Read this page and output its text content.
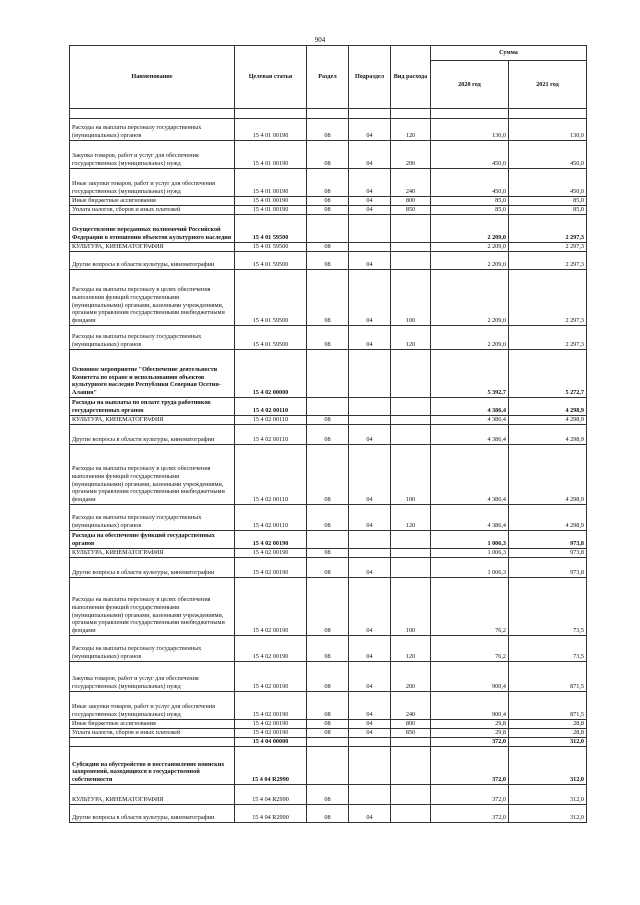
904
Наименование	Целевая статья	Раздел	Подраздел	Вид расхода	Сумма	
					2020 год	2021 год

Расходы на выплаты персоналу государственных (муниципальных) органов	15 4 01 00190	08	04	120	130,0	130,0
Закупка товаров, работ и услуг для обеспечения государственных (муниципальных) нужд	15 4 01 00190	08	04	200	450,0	450,0
Иные закупки товаров, работ и услуг для обеспечения государственных (муниципальных) нужд	15 4 01 00190	08	04	240	450,0	450,0
Иные бюджетные ассигнования	15 4 01 00190	08	04	800	85,0	85,0
Уплата налогов, сборов и иных платежей	15 4 01 00190	08	04	850	85,0	85,0
Осуществление переданных полномочий Российской Федерации в отношении объектов культурного наследия	15 4 01 59500				2 209,0	2 297,3
КУЛЬТУРА, КИНЕМАТОГРАФИЯ	15 4 01 59500	08			2 209,0	2 297,3
Другие вопросы в области культуры, кинематографии	15 4 01 59500	08	04		2 209,0	2 297,3
Расходы на выплаты персоналу в целях обеспечения выполнения функций государственными (муниципальными) органами, казенными учреждениями, органами управления государственными внебюджетными фондами	15 4 01 59500	08	04	100	2 209,0	2 297,3
Расходы на выплаты персоналу государственных (муниципальных) органов	15 4 01 59500	08	04	120	2 209,0	2 297,3
Основное мероприятие "Обеспечение деятельности Комитета по охране и использованию объектов культурного наследия Республики Северная Осетия-Алания"	15 4 02 00000				5 392,7	5 272,7
Расходы на выплаты по оплате труда работников государственных органов	15 4 02 00110				4 386,4	4 298,9
КУЛЬТУРА, КИНЕМАТОГРАФИЯ	15 4 02 00110	08			4 386,4	4 298,9
Другие вопросы в области культуры, кинематографии	15 4 02 00110	08	04		4 386,4	4 298,9
Расходы на выплаты персоналу в целях обеспечения выполнения функций государственными (муниципальными) органами, казенными учреждениями, органами управления государственными внебюджетными фондами	15 4 02 00110	08	04	100	4 386,4	4 298,9
Расходы на выплаты персоналу государственных (муниципальных) органов	15 4 02 00110	08	04	120	4 386,4	4 298,9
Расходы на обеспечение функций государственных органов	15 4 02 00190				1 006,3	973,8
КУЛЬТУРА, КИНЕМАТОГРАФИЯ	15 4 02 00190	08			1 006,3	973,8
Другие вопросы в области культуры, кинематографии	15 4 02 00190	08	04		1 006,3	973,8
Расходы на выплаты персоналу в целях обеспечения выполнения функций государственными (муниципальными) органами, казенными учреждениями, органами управления государственными внебюджетными фондами	15 4 02 00190	08	04	100	76,2	73,5
Расходы на выплаты персоналу государственных (муниципальных) органов	15 4 02 00190	08	04	120	76,2	73,5
Закупка товаров, работ и услуг для обеспечения государственных (муниципальных) нужд	15 4 02 00190	08	04	200	900,4	871,5
Иные закупки товаров, работ и услуг для обеспечения государственных (муниципальных) нужд	15 4 02 00190	08	04	240	900,4	871,5
Иные бюджетные ассигнования	15 4 02 00190	08	04	800	29,8	28,8
Уплата налогов, сборов и иных платежей	15 4 02 00190	08	04	850	29,8	28,8
	15 4 04 00000				372,0	312,0
Субсидии на обустройство и восстановление воинских захоронений, находящихся в государственной собственности	15 4 04 R2990				372,0	312,0
КУЛЬТУРА, КИНЕМАТОГРАФИЯ	15 4 04 R2990	08			372,0	312,0
Другие вопросы в области культуры, кинематографии	15 4 04 R2990	08	04		372,0	312,0
